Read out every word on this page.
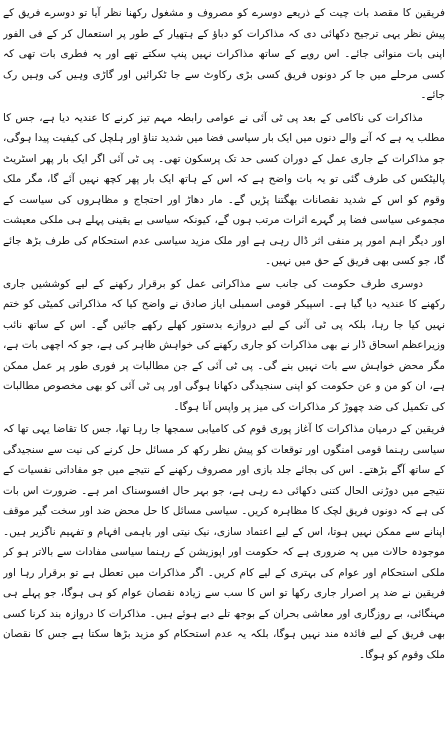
فریقین کا مقصد بات چیت کے ذریعے دوسرے کو مصروف و مشغول رکھنا نظر آیا تو دوسرے فریق کے پیش نظر یہی ترجیح دکھائی دی کہ مذاکرات کو دباؤ کے ہتھیار کے طور پر استعمال کر کے فی الفور اپنی بات منوائی جائے۔ اس رویے کے ساتھ مذاکرات نہیں پنپ سکتے تھے اور یہ فطری بات تھی کہ کسی مرحلے میں جا کر دونوں فریق کسی بڑی رکاوٹ سے جا ٹکرائیں اور گاڑی وہیں کی وہیں رک جائے۔

مذاکرات کی ناکامی کے بعد پی ٹی آئی نے عوامی رابطہ مہم تیز کرنے کا عندیہ دیا ہے، جس کا مطلب یہ ہے کہ آنے والے دنوں میں ایک بار سیاسی فضا میں شدید تناؤ اور ہلچل کی کیفیت پیدا ہوگی، جو مذاکرات کے جاری عمل کے دوران کسی حد تک پرسکون تھی۔ پی ٹی آئی اگر ایک بار پھر اسٹریٹ پالیٹکس کی طرف گئی تو یہ بات واضح ہے کہ اس کے ہاتھ ایک بار پھر کچھ نہیں آئے گا، مگر ملک وقوم کو اس کے شدید نقصانات بھگتنا پڑیں گے۔ مار دھاڑ اور احتجاج و مظاہروں کی سیاست کے مجموعی سیاسی فضا پر گہرے اثرات مرتب ہوں گے، کیونکہ سیاسی بے یقینی پہلے ہی ملکی معیشت اور دیگر اہم امور پر منفی اثر ڈال رہی ہے اور ملک مزید سیاسی عدم استحکام کی طرف بڑھ جائے گا، جو کسی بھی فریق کے حق میں نہیں۔

دوسری طرف حکومت کی جانب سے مذاکراتی عمل کو برقرار رکھنے کے لیے کوششیں جاری رکھنے کا عندیہ دیا گیا ہے۔ اسپیکر قومی اسمبلی ایاز صادق نے واضح کیا کہ مذاکراتی کمیٹی کو ختم نہیں کیا جا رہا، بلکہ پی ٹی آئی کے لیے دروازے بدستور کھلے رکھے جائیں گے۔ اس کے ساتھ نائب وزیراعظم اسحاق ڈار نے بھی مذاکرات کو جاری رکھنے کی خواہش ظاہر کی ہے، جو کہ اچھی بات ہے، مگر محض خواہش سے بات نہیں بنے گی۔ پی ٹی آئی کے جن مطالبات پر فوری طور پر عمل ممکن ہے، ان کو من و عن حکومت کو اپنی سنجیدگی دکھانا ہوگی اور پی ٹی آئی کو بھی مخصوص مطالبات کی تکمیل کی ضد چھوڑ کر مذاکرات کی میز پر واپس آنا ہوگا۔

فریقین کے درمیان مذاکرات کا آغاز پوری قوم کی کامیابی سمجھا جا رہا تھا، جس کا تقاضا یہی تھا کہ سیاسی رہنما قومی امنگوں اور توقعات کو پیش نظر رکھ کر مسائل حل کرنے کی نیت سے سنجیدگی کے ساتھ آگے بڑھتے۔ اس کی بجائے جلد بازی اور مصروف رکھنے کے نتیجے میں جو مفاداتی نفسیات کے نتیجے میں دوڑنی الحال کتنی دکھائی دے رہی ہے، جو بہر حال افسوسناک امر ہے۔ ضرورت اس بات کی ہے کہ دونوں فریق لچک کا مظاہرہ کریں۔ سیاسی مسائل کا حل محض ضد اور سخت گیر موقف اپنانے سے ممکن نہیں ہوتا، اس کے لیے اعتماد سازی، نیک نیتی اور باہمی افہام و تفہیم ناگزیر ہیں۔ موجودہ حالات میں یہ ضروری ہے کہ حکومت اور اپوزیشن کے رہنما سیاسی مفادات سے بالاتر ہو کر ملکی استحکام اور عوام کی بہتری کے لیے کام کریں۔ اگر مذاکرات میں تعطل ہے تو برقرار رہا اور فریقین نے ضد پر اصرار جاری رکھا تو اس کا سب سے زیادہ نقصان عوام کو ہی ہوگا، جو پہلے ہی مہنگائی، بے روزگاری اور معاشی بحران کے بوجھ تلے دبے ہوئے ہیں۔ مذاکرات کا دروازہ بند کرنا کسی بھی فریق کے لیے فائدہ مند نہیں ہوگا، بلکہ یہ عدم استحکام کو مزید بڑھا سکتا ہے جس کا نقصان ملک وقوم کو ہوگا۔
